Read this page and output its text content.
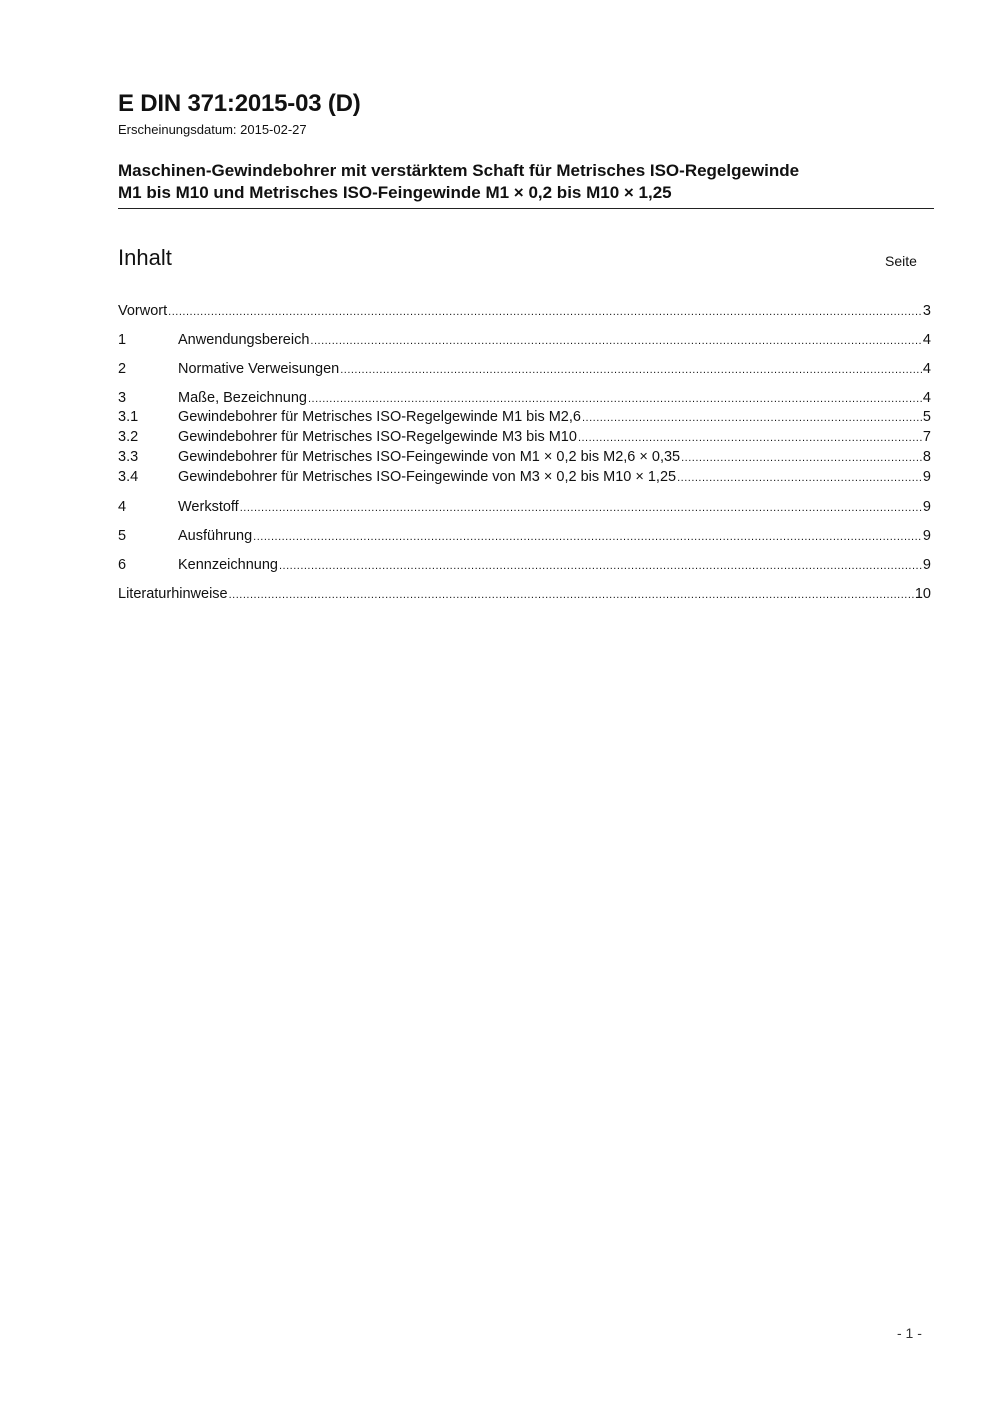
E DIN 371:2015-03 (D)
Erscheinungsdatum: 2015-02-27
Maschinen-Gewindebohrer mit verstärktem Schaft für Metrisches ISO-Regelgewinde
M1 bis M10 und Metrisches ISO-Feingewinde M1 × 0,2 bis M10 × 1,25
Inhalt	Seite
Vorwort .....	3
1	Anwendungsbereich .....	4
2	Normative Verweisungen .....	4
3	Maße, Bezeichnung .....	4
3.1	Gewindebohrer für Metrisches ISO-Regelgewinde M1 bis M2,6 .....	5
3.2	Gewindebohrer für Metrisches ISO-Regelgewinde M3 bis M10 .....	7
3.3	Gewindebohrer für Metrisches ISO-Feingewinde von M1 × 0,2 bis M2,6 × 0,35 .....	8
3.4	Gewindebohrer für Metrisches ISO-Feingewinde von M3 × 0,2 bis M10 × 1,25 .....	9
4	Werkstoff .....	9
5	Ausführung .....	9
6	Kennzeichnung .....	9
Literaturhinweise .....	10
- 1 -
